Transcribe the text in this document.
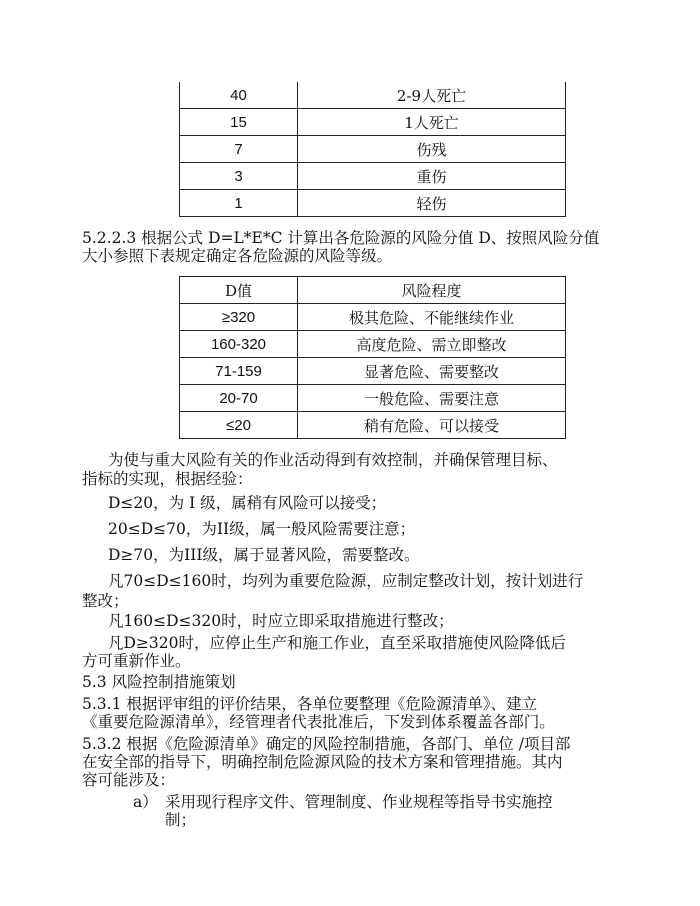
40	2-9人死亡
15	1人死亡
7	伤残
3	重伤
1	轻伤
5.2.2.3 根据公式 D=L*E*C 计算出各危险源的风险分值 D、按照风险分值
大小参照下表规定确定各危险源的风险等级。
D值	风险程度
≥320	极其危险、不能继续作业
160-320	高度危险、需立即整改
71-159	显著危险、需要整改
20-70	一般危险、需要注意
≤20	稍有危险、可以接受
为使与重大风险有关的作业活动得到有效控制，并确保管理目标、
指标的实现，根据经验：
D≤20，为 I 级，属稍有风险可以接受；
20≤D≤70，为II级，属一般风险需要注意；
D≥70，为III级，属于显著风险，需要整改。
凡70≤D≤160时，均列为重要危险源，应制定整改计划，按计划进行
整改；
凡160≤D≤320时，时应立即采取措施进行整改；
凡D≥320时，应停止生产和施工作业，直至采取措施使风险降低后
方可重新作业。
5.3 风险控制措施策划
5.3.1 根据评审组的评价结果，各单位要整理《危险源清单》、建立
《重要危险源清单》，经管理者代表批准后，下发到体系覆盖各部门。
5.3.2 根据《危险源清单》确定的风险控制措施，各部门、单位 /项目部
在安全部的指导下，明确控制危险源风险的技术方案和管理措施。其内
容可能涉及：
a） 采用现行程序文件、管理制度、作业规程等指导书实施控
制；
